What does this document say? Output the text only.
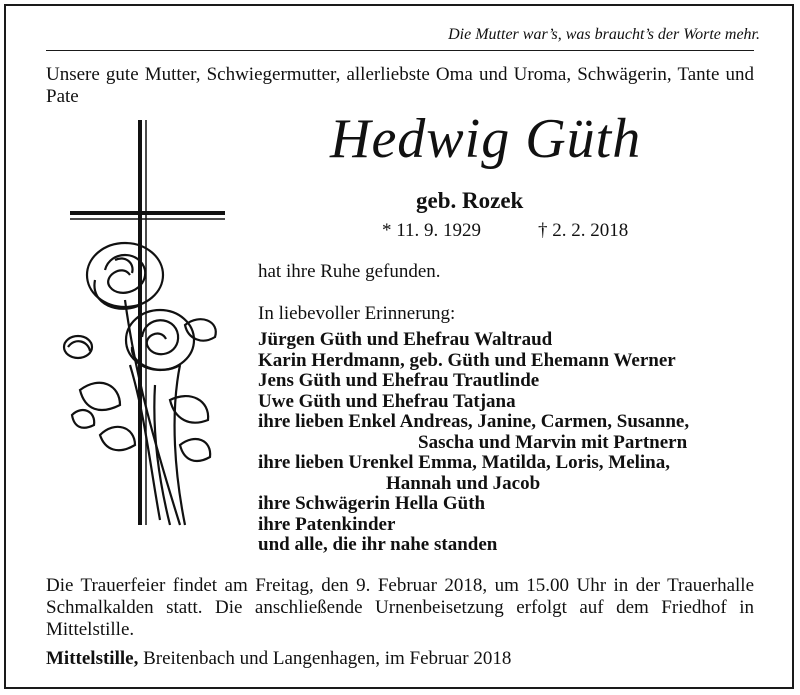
Die Mutter war’s, was braucht’s der Worte mehr.
Unsere gute Mutter, Schwiegermutter, allerliebste Oma und Uroma, Schwägerin, Tante und Pate
Hedwig Güth
geb. Rozek
* 11. 9. 1929	† 2. 2. 2018
hat ihre Ruhe gefunden.
In liebevoller Erinnerung:
Jürgen Güth und Ehefrau Waltraud
Karin Herdmann, geb. Güth und Ehemann Werner
Jens Güth und Ehefrau Trautlinde
Uwe Güth und Ehefrau Tatjana
ihre lieben Enkel Andreas, Janine, Carmen, Susanne,
Sascha und Marvin mit Partnern
ihre lieben Urenkel Emma, Matilda, Loris, Melina,
Hannah und Jacob
ihre Schwägerin Hella Güth
ihre Patenkinder
und alle, die ihr nahe standen
Die Trauerfeier findet am Freitag, den 9. Februar 2018, um 15.00 Uhr in der Trauerhalle Schmalkalden statt. Die anschließende Urnenbeisetzung erfolgt auf dem Friedhof in Mittelstille.
Mittelstille, Breitenbach und Langenhagen, im Februar 2018
